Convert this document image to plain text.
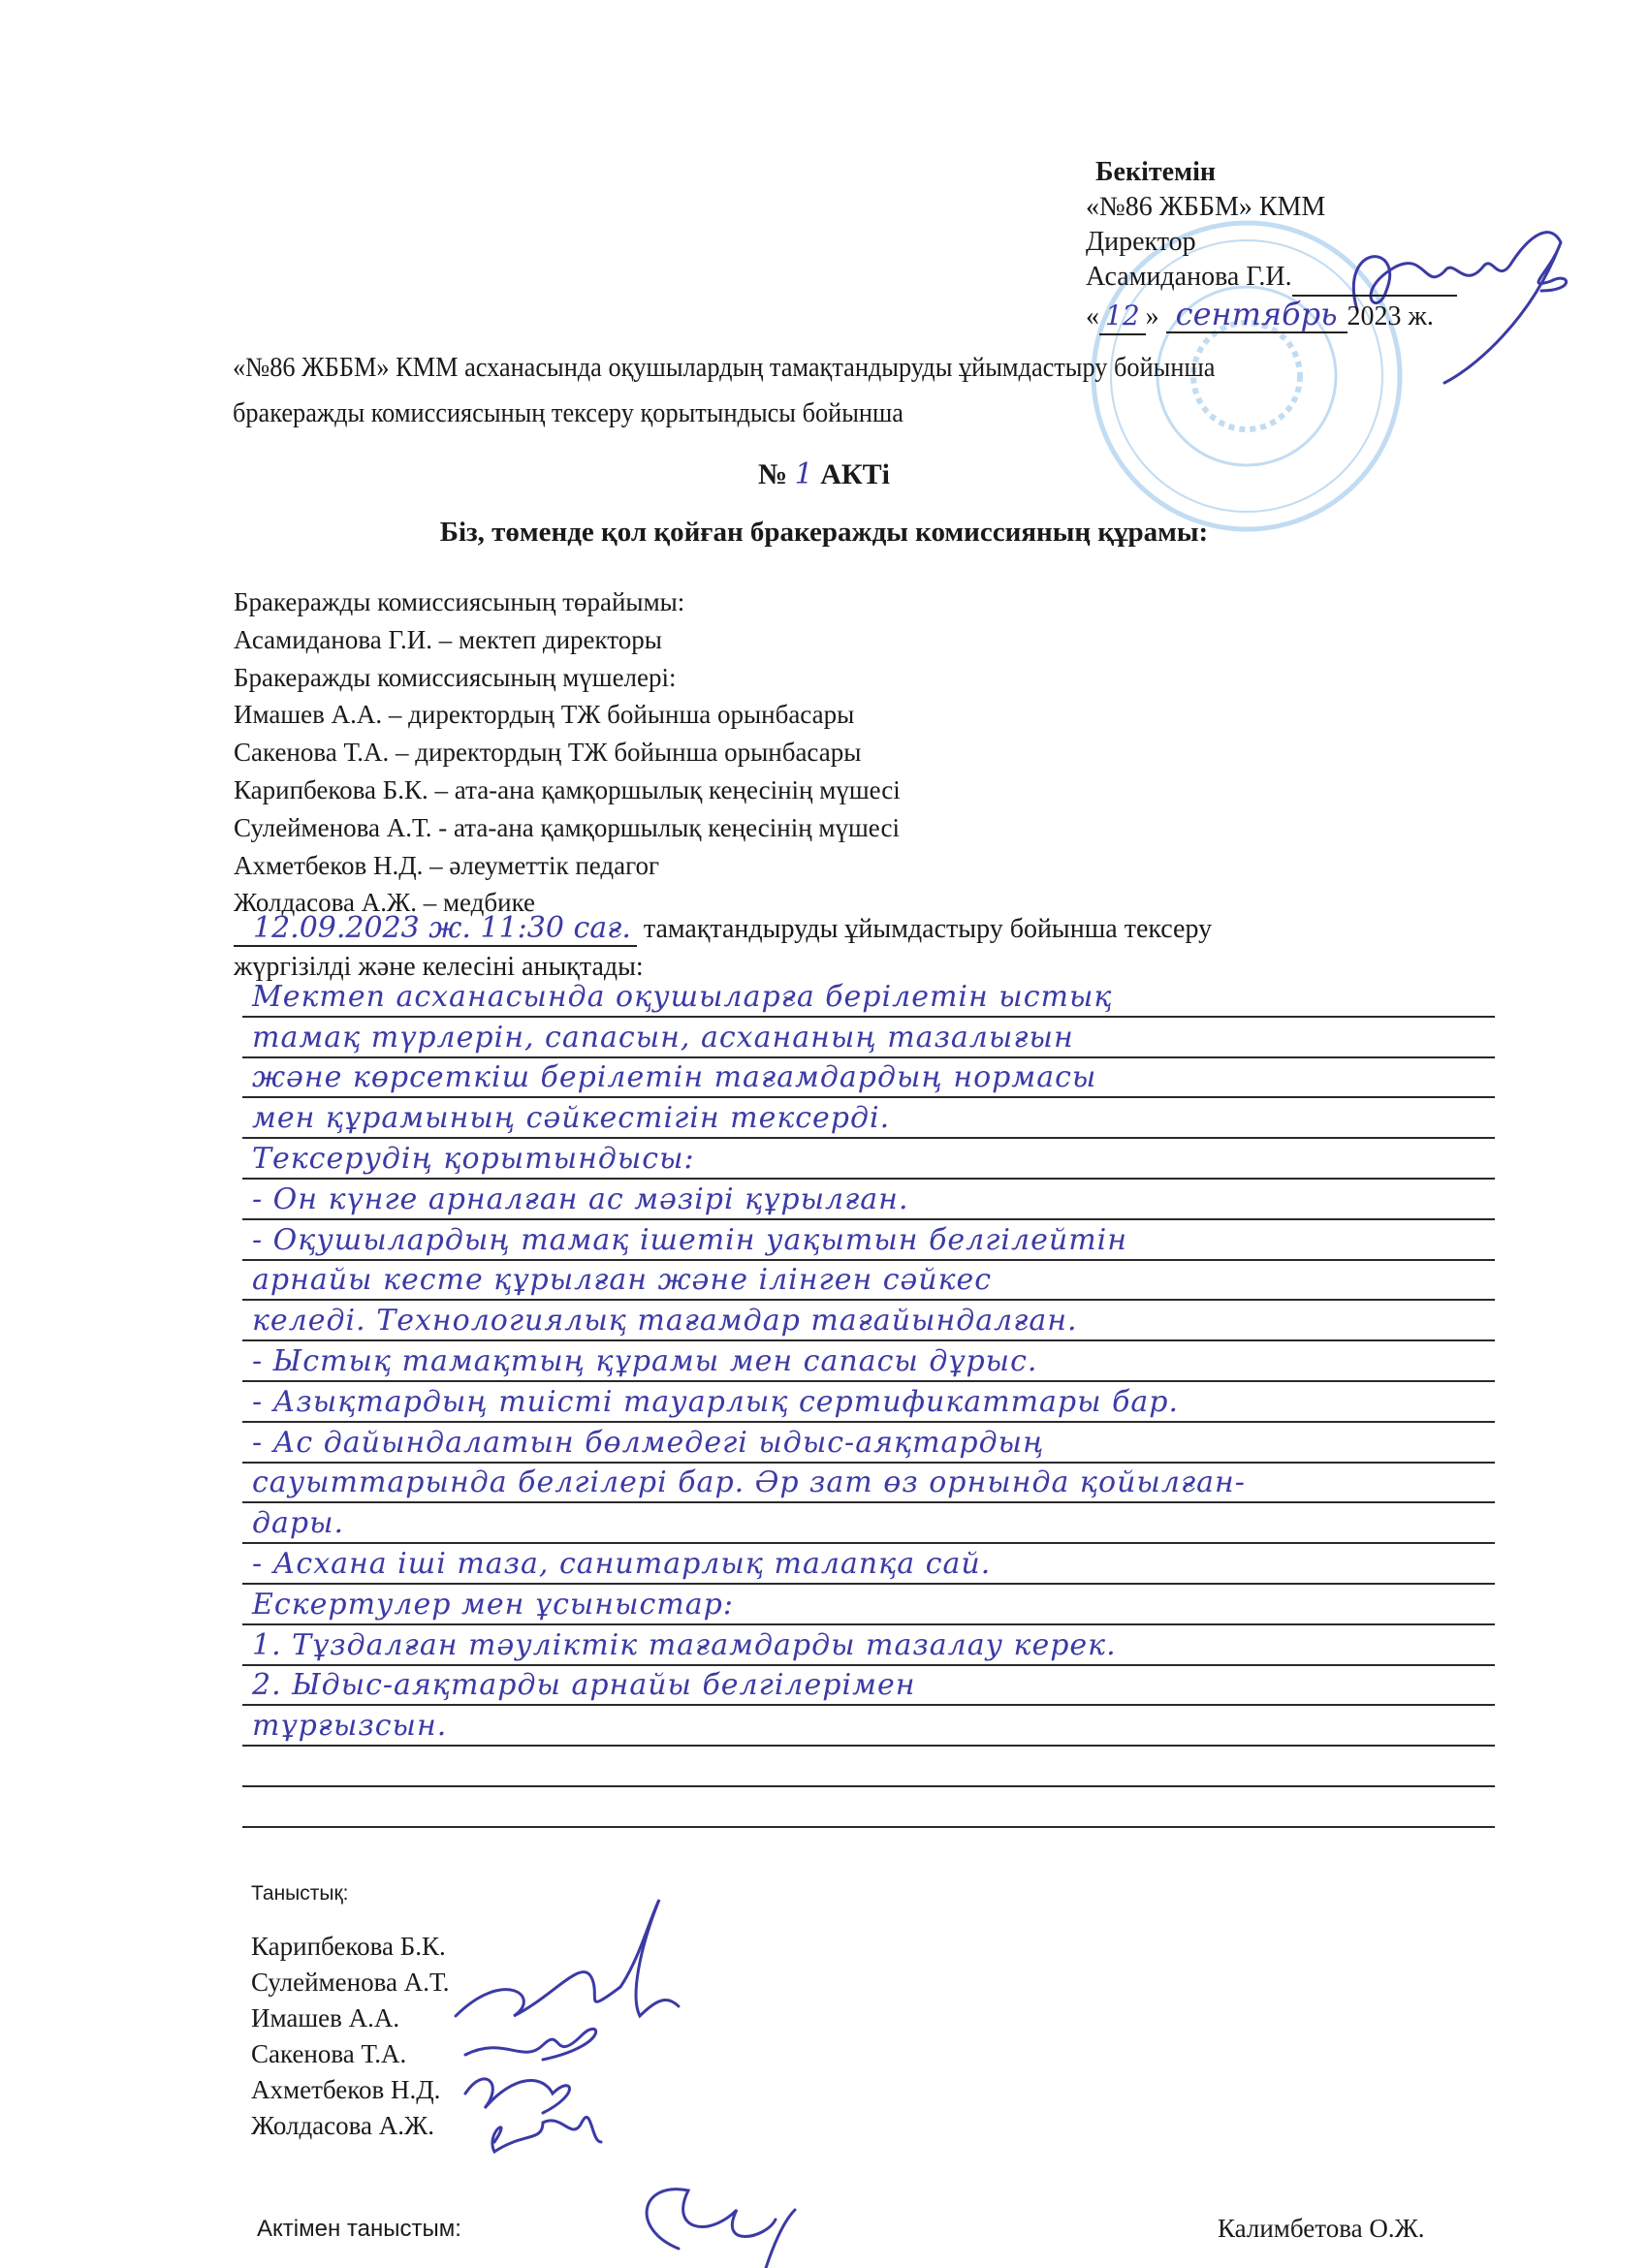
Бекітемін
«№86 ЖББМ» КММ
Директор
Асамиданова Г.И.
« 12 » сентябрь 2023 ж.
«№86 ЖББМ» КММ асханасында оқушылардың тамақтандыруды ұйымдастыру бойынша
бракеражды комиссиясының тексеру қорытындысы бойынша
№ 1 АКТі
Біз, төменде қол қойған бракеражды комиссияның құрамы:
Бракеражды комиссиясының төрайымы:
Асамиданова Г.И. – мектеп директоры
Бракеражды комиссиясының мүшелері:
Имашев А.А. – директордың ТЖ бойынша орынбасары
Сакенова Т.А. – директордың ТЖ бойынша орынбасары
Карипбекова Б.К. – ата-ана қамқоршылық кеңесінің мүшесі
Сулейменова А.Т. - ата-ана қамқоршылық кеңесінің мүшесі
Ахметбеков Н.Д. – әлеуметтік педагог
Жолдасова А.Ж. – медбике
12.09.2023 ж. 11:30 сағ. тамақтандыруды ұйымдастыру бойынша тексеру
жүргізілді және келесіні анықтады:
Мектеп асханасында оқушыларға берілетін ыстық
тамақ түрлерін, сапасын, асхананың тазалығын
және көрсеткіш берілетін тағамдардың нормасы
мен құрамының сәйкестігін тексерді.
Тексерудің қорытындысы:
- Он күнге арналған ас мәзірі құрылған.
- Оқушылардың тамақ ішетін уақытын белгілейтін
арнайы кесте құрылған және ілінген сәйкес
келеді. Технологиялық тағамдар тағайындалған.
- Ыстық тамақтың құрамы мен сапасы дұрыс.
- Азықтардың тиісті тауарлық сертификаттары бар.
- Ас дайындалатын бөлмедегі ыдыс-аяқтардың
сауыттарында белгілері бар. Әр зат өз орнында қойылған-
дары.
- Асхана іші таза, санитарлық талапқа сай.
Ескертулер мен ұсыныстар:
1. Тұздалған тәуліктік тағамдарды тазалау керек.
2. Ыдыс-аяқтарды арнайы белгілерімен
тұрғызсын.
Таныстық:
Карипбекова Б.К.
Сулейменова А.Т.
Имашев А.А.
Сакенова Т.А.
Ахметбеков Н.Д.
Жолдасова А.Ж.
Актімен таныстым:	Калимбетова О.Ж.
